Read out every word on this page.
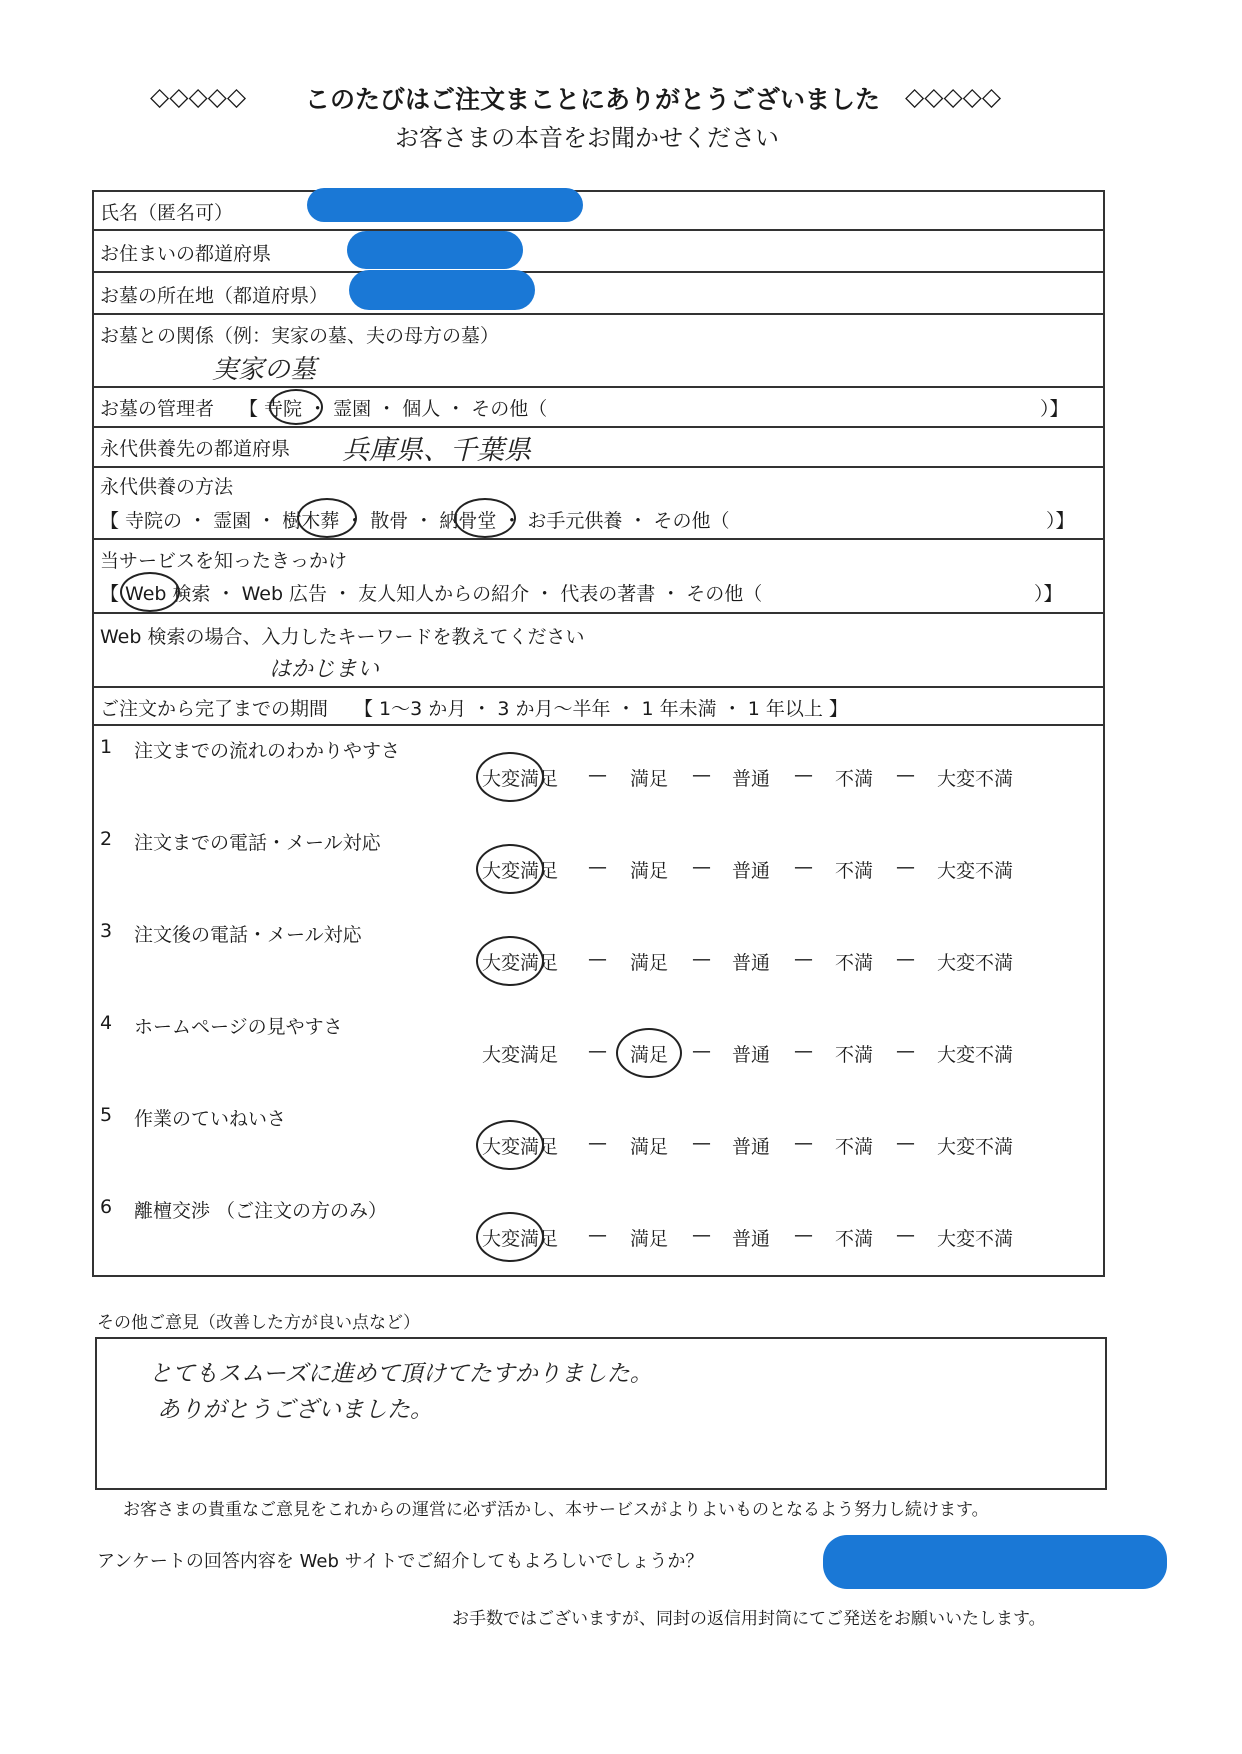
◇◇◇◇◇ このたびはご注文まことにありがとうございました ◇◇◇◇◇
お客さまの本音をお聞かせください
氏名（匿名可）
お住まいの都道府県
お墓の所在地（都道府県）
お墓との関係（例：実家の墓、夫の母方の墓）
実家の墓
お墓の管理者 【 寺院 ・ 霊園 ・ 個人 ・ その他（	）】
永代供養先の都道府県 兵庫県、千葉県
永代供養の方法
【 寺院の ・ 霊園 ・ 樹木葬 ・ 散骨 ・ 納骨堂 ・ お手元供養 ・ その他（	）】
当サービスを知ったきっかけ
【 Web 検索 ・ Web 広告 ・ 友人知人からの紹介 ・ 代表の著書 ・ その他（	）】
Web 検索の場合、入力したキーワードを教えてください
はかじまい
ご注文から完了までの期間 【 1〜3 か月 ・ 3 か月〜半年 ・ 1 年未満 ・ 1 年以上 】
1 注文までの流れのわかりやすさ
大変満足	満足	普通	不満	大変不満
—	—	—	—
2 注文までの電話・メール対応
大変満足	満足	普通	不満	大変不満
—	—	—	—
3 注文後の電話・メール対応
大変満足	満足	普通	不満	大変不満
—	—	—	—
4 ホームページの見やすさ
大変満足	満足	普通	不満	大変不満
—	—	—	—
5 作業のていねいさ
大変満足	満足	普通	不満	大変不満
—	—	—	—
6 離檀交渉 （ご注文の方のみ）
大変満足	満足	普通	不満	大変不満
—	—	—	—
その他ご意見（改善した方が良い点など）
とてもスムーズに進めて頂けてたすかりました。
ありがとうございました。
お客さまの貴重なご意見をこれからの運営に必ず活かし、本サービスがよりよいものとなるよう努力し続けます。
アンケートの回答内容を Web サイトでご紹介してもよろしいでしょうか？
お手数ではございますが、同封の返信用封筒にてご発送をお願いいたします。
